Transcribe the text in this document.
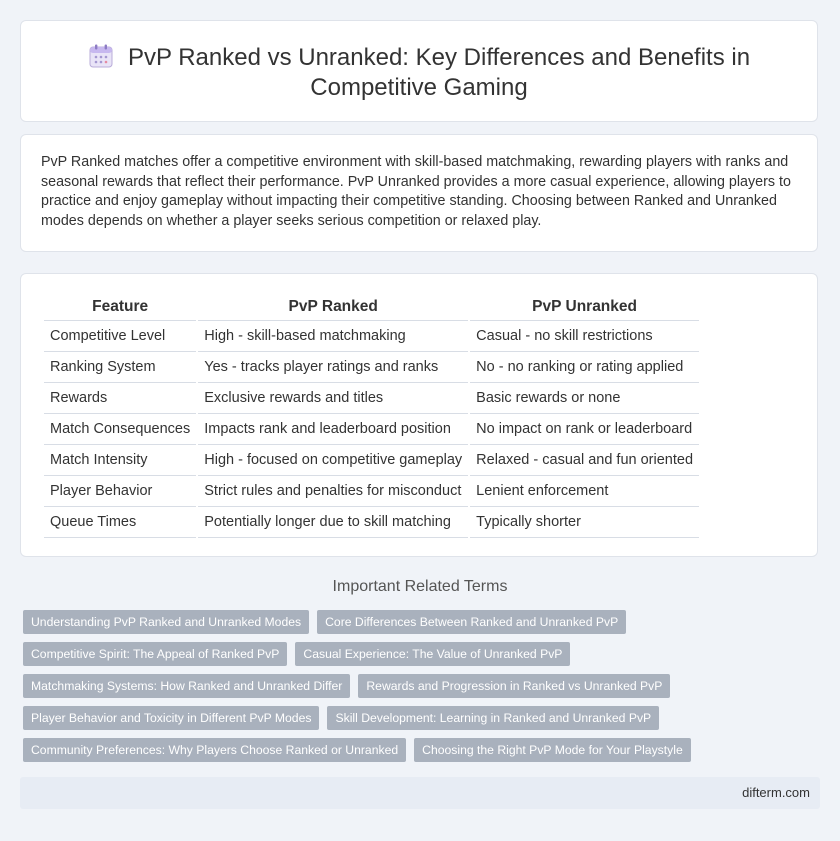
PvP Ranked vs Unranked: Key Differences and Benefits in
Competitive Gaming
PvP Ranked matches offer a competitive environment with skill-based matchmaking, rewarding players with ranks and seasonal rewards that reflect their performance. PvP Unranked provides a more casual experience, allowing players to practice and enjoy gameplay without impacting their competitive standing. Choosing between Ranked and Unranked modes depends on whether a player seeks serious competition or relaxed play.
Feature	PvP Ranked	PvP Unranked
Competitive Level	High - skill-based matchmaking	Casual - no skill restrictions
Ranking System	Yes - tracks player ratings and ranks	No - no ranking or rating applied
Rewards	Exclusive rewards and titles	Basic rewards or none
Match Consequences	Impacts rank and leaderboard position	No impact on rank or leaderboard
Match Intensity	High - focused on competitive gameplay	Relaxed - casual and fun oriented
Player Behavior	Strict rules and penalties for misconduct	Lenient enforcement
Queue Times	Potentially longer due to skill matching	Typically shorter
Important Related Terms
Understanding PvP Ranked and Unranked Modes	Core Differences Between Ranked and Unranked PvP
Competitive Spirit: The Appeal of Ranked PvP	Casual Experience: The Value of Unranked PvP
Matchmaking Systems: How Ranked and Unranked Differ	Rewards and Progression in Ranked vs Unranked PvP
Player Behavior and Toxicity in Different PvP Modes	Skill Development: Learning in Ranked and Unranked PvP
Community Preferences: Why Players Choose Ranked or Unranked	Choosing the Right PvP Mode for Your Playstyle
difterm.com
